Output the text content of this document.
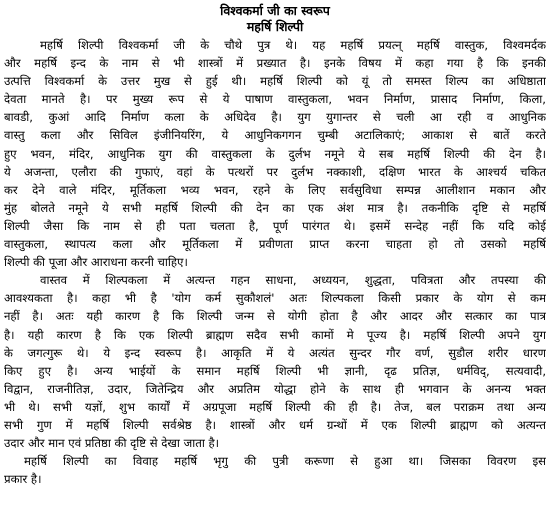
विश्वकर्मा जी का स्वरूप
महर्षि शिल्पी
महर्षि शिल्पी विश्वकर्मा जी के चौथे पुत्र थे। यह महर्षि प्रयत्न् महर्षि वास्तुक, विश्वमर्दक
और महर्षि इन्द के नाम से भी शास्त्रों में प्रख्यात है। इनके विषय में कहा गया है कि इनकी
उत्पत्ति विश्वकर्मा के उत्तर मुख से हुई थी। महर्षि शिल्पी को यूं तो समस्त शिल्प का अधिष्ठाता
देवता मानते है। पर मुख्य रूप से ये पाषाण वास्तुकला, भवन निर्माण, प्रासाद निर्माण, किला,
बावडी, कुआं आदि निर्माण कला के अधिदेव है। युग युगान्तर से चली आ रही व आधुनिक
वास्तु कला और सिविल इंजीनियरिंग, ये आधुनिकगगन चुम्बी अटालिकाएं; आकाश से बातें करते
हुए भवन, मंदिर, आधुनिक युग की वास्तुकला के दुर्लभ नमूने ये सब महर्षि शिल्पी की देन है।
ये अजन्ता, एलौरा की गुफाएं, वहां के पत्थरों पर दुर्लभ नक्काशी, दक्षिण भारत के आश्चर्य चकित
कर देने वाले मंदिर, मूर्तिकला भव्य भवन, रहने के लिए सर्वसुविधा सम्पन्न आलीशान मकान और
मुंह बोलते नमूने ये सभी महर्षि शिल्पी की देन का एक अंश मात्र है। तकनीकि दृष्टि से महर्षि
शिल्पी जैसा कि नाम से ही पता चलता है, पूर्ण पारंगत थे। इसमें सन्देह नहीं कि यदि कोई
वास्तुकला, स्थापत्य कला और मूर्तिकला में प्रवीणता प्राप्त करना चाहता हो तो उसको महर्षि
शिल्पी की पूजा और आराधना करनी चाहिए।
वास्तव में शिल्पकला में अत्यन्त गहन साधना, अध्ययन, शुद्धता, पवित्रता और तपस्या की
आवश्यकता है। कहा भी है 'योग कर्म सुकौशलं' अतः शिल्पकला किसी प्रकार के योग से कम
नहीं है। अतः यही कारण है कि शिल्पी जन्म से योगी होता है और आदर और सत्कार का पात्र
है। यही कारण है कि एक शिल्पी ब्राह्मण सदैव सभी कामों मे पूज्य है। महर्षि शिल्पी अपने युग
के जगत्गुरू थे। ये इन्द स्वरूप है। आकृति में ये अत्यंत सुन्दर गौर वर्ण, सुडौल शरीर धारण
किए हुए है। अन्य भाईयों के समान महर्षि शिल्पी भी ज्ञानी, दृढ प्रतिज्ञ, धर्मविद्, सत्यवादी,
विद्वान, राजनीतिज्ञ, उदार, जितेन्द्रिय और अप्रतिम योद्धा होने के साथ ही भगवान के अनन्य भक्त
भी थे। सभी यज्ञों, शुभ कार्यों में अग्रपूजा महर्षि शिल्पी की ही है। तेज, बल पराक्रम तथा अन्य
सभी गुण में महर्षि शिल्पी सर्वश्रेष्ठ है। शास्त्रों और धर्म ग्रन्थों में एक शिल्पी ब्राह्मण को अत्यन्त
उदार और मान एवं प्रतिष्ठा की दृष्टि से देखा जाता है।
महर्षि शिल्पी का विवाह महर्षि भृगु की पुत्री करूणा से हुआ था। जिसका विवरण इस
प्रकार है।
